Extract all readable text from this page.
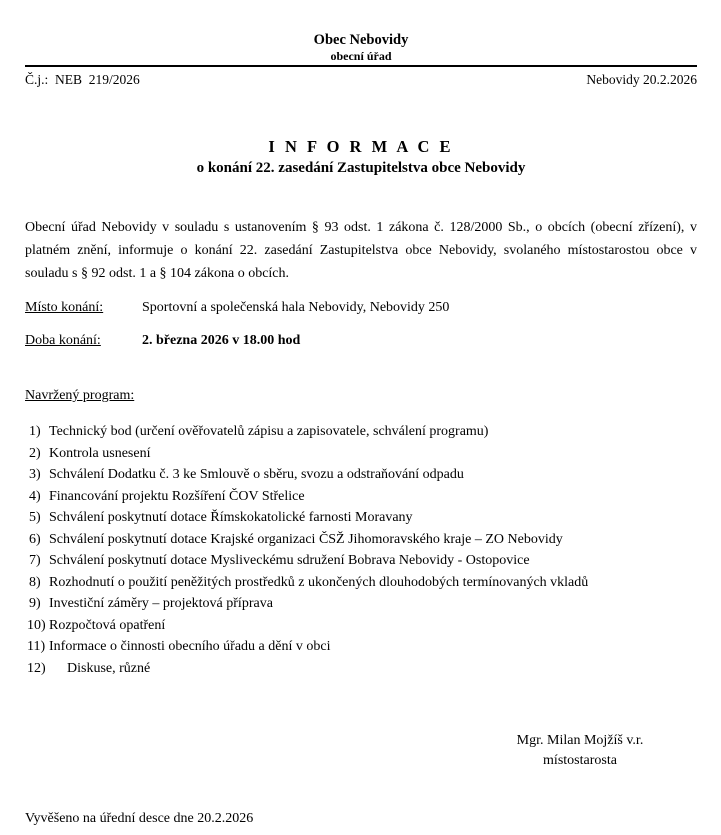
Obec Nebovidy
obecní úřad
Č.j.:  NEB  219/2026	Nebovidy 20.2.2026
I N F O R M A C E
o konání 22. zasedání Zastupitelstva obce Nebovidy
Obecní úřad Nebovidy v souladu s ustanovením § 93 odst. 1 zákona č. 128/2000 Sb., o obcích (obecní zřízení), v platném znění, informuje o konání 22. zasedání Zastupitelstva obce Nebovidy, svolaného místostarostou obce v souladu s § 92 odst. 1 a § 104 zákona o obcích.
Místo konání:	Sportovní a společenská hala Nebovidy, Nebovidy 250
Doba konání:	2. března 2026 v 18.00 hod
Navržený program:
1) Technický bod (určení ověřovatelů zápisu a zapisovatele, schválení programu)
2) Kontrola usnesení
3) Schválení Dodatku č. 3 ke Smlouvě o sběru, svozu a odstraňování odpadu
4) Financování projektu Rozšíření ČOV Střelice
5) Schválení poskytnutí dotace Římskokatolické farnosti Moravany
6) Schválení poskytnutí dotace Krajské organizaci ČSŽ Jihomoravského kraje – ZO Nebovidy
7) Schválení poskytnutí dotace Mysliveckému sdružení Bobrava Nebovidy - Ostopovice
8) Rozhodnutí o použití peněžitých prostředků z ukončených dlouhodobých termínovaných vkladů
9) Investiční záměry – projektová příprava
10) Rozpočtová opatření
11) Informace o činnosti obecního úřadu a dění v obci
12)	Diskuse, různé
Mgr. Milan Mojžíš v.r.
místostarosta
Vyvěšeno na úřední desce dne 20.2.2026
